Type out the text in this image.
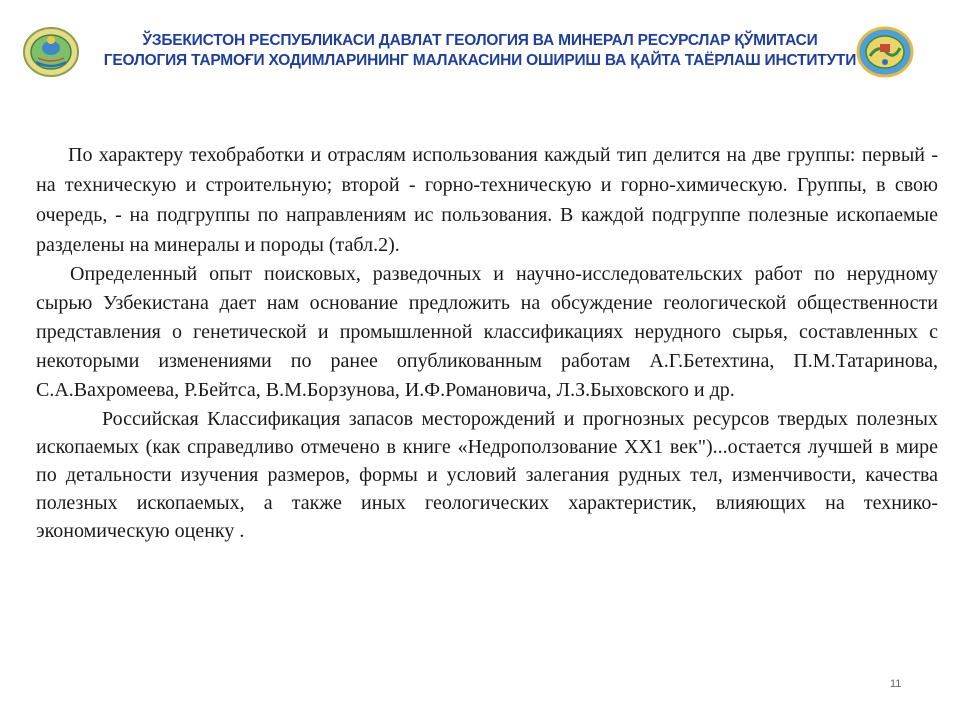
ЎЗБЕКИСТОН РЕСПУБЛИКАСИ ДАВЛАТ ГЕОЛОГИЯ ВА МИНЕРАЛ РЕСУРСЛАР ҚЎМИТАСИ
ГЕОЛОГИЯ ТАРМОҒИ ХОДИМЛАРИНИНГ МАЛАКАСИНИ ОШИРИШ ВА ҚАЙТА ТАЁРЛАШ ИНСТИТУТИ

По характеру техобработки и отраслям использования каждый тип делится на две группы: первый - на техническую и строительную; второй - горно-техническую и горно-химическую. Группы, в свою очередь, - на подгруппы по направлениям ис пользования. В каждой подгруппе полезные ископаемые разделены на минералы и породы (табл.2).

Определенный опыт поисковых, разведочных и научно-исследовательских работ по нерудному сырью Узбекистана дает нам основание предложить на обсуждение геологической общественности представления о генетической и промышленной классификациях нерудного сырья, составленных с некоторыми изменениями по ранее опубликованным работам А.Г.Бетехтина, П.М.Татаринова, С.А.Вахромеева, Р.Бейтса, В.М.Борзунова, И.Ф.Романовича, Л.З.Быховского и др.

Российская Классификация запасов месторождений и прогнозных ресурсов твердых полезных ископаемых (как справедливо отмечено в книге «Недроползование ХХ1 век")...остается лучшей в мире по детальности изучения размеров, формы и условий залегания рудных тел, изменчивости, качества полезных ископаемых, а также иных геологических характеристик, влияющих на технико-экономическую оценку .

11
